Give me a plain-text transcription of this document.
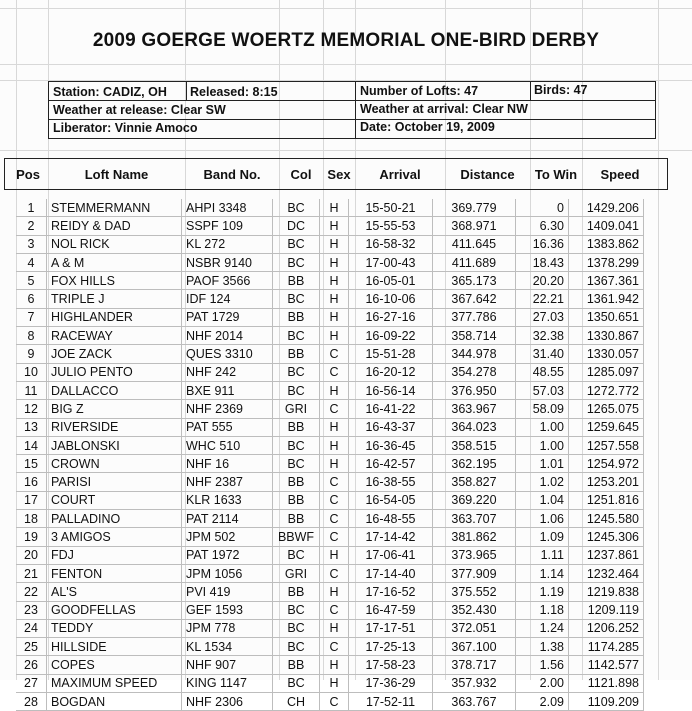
2009 GOERGE WOERTZ MEMORIAL ONE-BIRD DERBY
Station: CADIZ, OH Released: 8:15	Number of Lofts: 47	Birds: 47
Weather at release: Clear SW	Weather at arrival: Clear NW
Liberator: Vinnie Amoco	Date: October 19, 2009
Pos	Loft Name	Band No.	Col	Sex	Arrival	Distance	To Win	Speed
1	STEMMERMANN	AHPI 3348	BC	H	15-50-21	369.779	0	1429.206
2	REIDY & DAD	SSPF 109	DC	H	15-55-53	368.971	6.30	1409.041
3	NOL RICK	KL 272	BC	H	16-58-32	411.645	16.36	1383.862
4	A & M	NSBR 9140	BC	H	17-00-43	411.689	18.43	1378.299
5	FOX HILLS	PAOF 3566	BB	H	16-05-01	365.173	20.20	1367.361
6	TRIPLE J	IDF 124	BC	H	16-10-06	367.642	22.21	1361.942
7	HIGHLANDER	PAT 1729	BB	H	16-27-16	377.786	27.03	1350.651
8	RACEWAY	NHF 2014	BC	H	16-09-22	358.714	32.38	1330.867
9	JOE ZACK	QUES 3310	BB	C	15-51-28	344.978	31.40	1330.057
10	JULIO PENTO	NHF 242	BC	C	16-20-12	354.278	48.55	1285.097
11	DALLACCO	BXE 911	BC	H	16-56-14	376.950	57.03	1272.772
12	BIG Z	NHF 2369	GRI	C	16-41-22	363.967	58.09	1265.075
13	RIVERSIDE	PAT 555	BB	H	16-43-37	364.023	1.00	1259.645
14	JABLONSKI	WHC 510	BC	H	16-36-45	358.515	1.00	1257.558
15	CROWN	NHF 16	BC	H	16-42-57	362.195	1.01	1254.972
16	PARISI	NHF 2387	BB	C	16-38-55	358.827	1.02	1253.201
17	COURT	KLR 1633	BB	C	16-54-05	369.220	1.04	1251.816
18	PALLADINO	PAT 2114	BB	C	16-48-55	363.707	1.06	1245.580
19	3 AMIGOS	JPM 502	BBWF	C	17-14-42	381.862	1.09	1245.306
20	FDJ	PAT 1972	BC	H	17-06-41	373.965	1.11	1237.861
21	FENTON	JPM 1056	GRI	C	17-14-40	377.909	1.14	1232.464
22	AL'S	PVI 419	BB	H	17-16-52	375.552	1.19	1219.838
23	GOODFELLAS	GEF 1593	BC	C	16-47-59	352.430	1.18	1209.119
24	TEDDY	JPM 778	BC	H	17-17-51	372.051	1.24	1206.252
25	HILLSIDE	KL 1534	BC	C	17-25-13	367.100	1.38	1174.285
26	COPES	NHF 907	BB	H	17-58-23	378.717	1.56	1142.577
27	MAXIMUM SPEED	KING 1147	BC	H	17-36-29	357.932	2.00	1121.898
28	BOGDAN	NHF 2306	CH	C	17-52-11	363.767	2.09	1109.209
